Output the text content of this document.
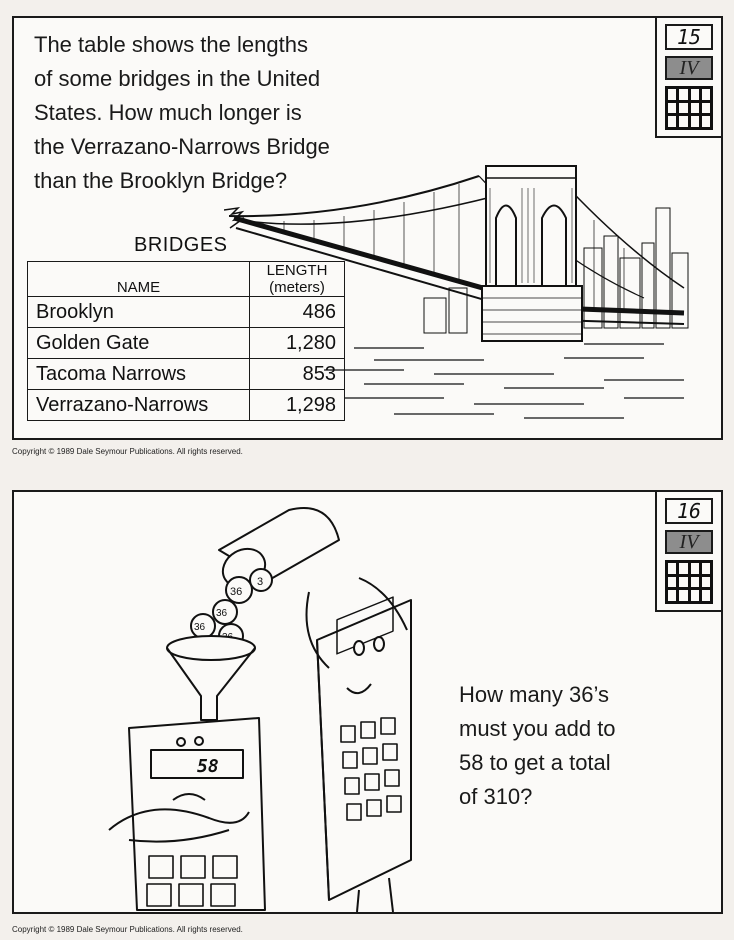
The table shows the lengths
of some bridges in the United
States. How much longer is
the Verrazano-Narrows Bridge
than the Brooklyn Bridge?
15
IV
BRIDGES
NAME	LENGTH
(meters)
Brooklyn	486
Golden Gate	1,280
Tacoma Narrows	853
Verrazano-Narrows	1,298
Copyright © 1989 Dale Seymour Publications. All rights reserved.
16
IV
How many 36’s
must you add to
58 to get a total
of 310?
36
3
36
36
58
Copyright © 1989 Dale Seymour Publications. All rights reserved.
